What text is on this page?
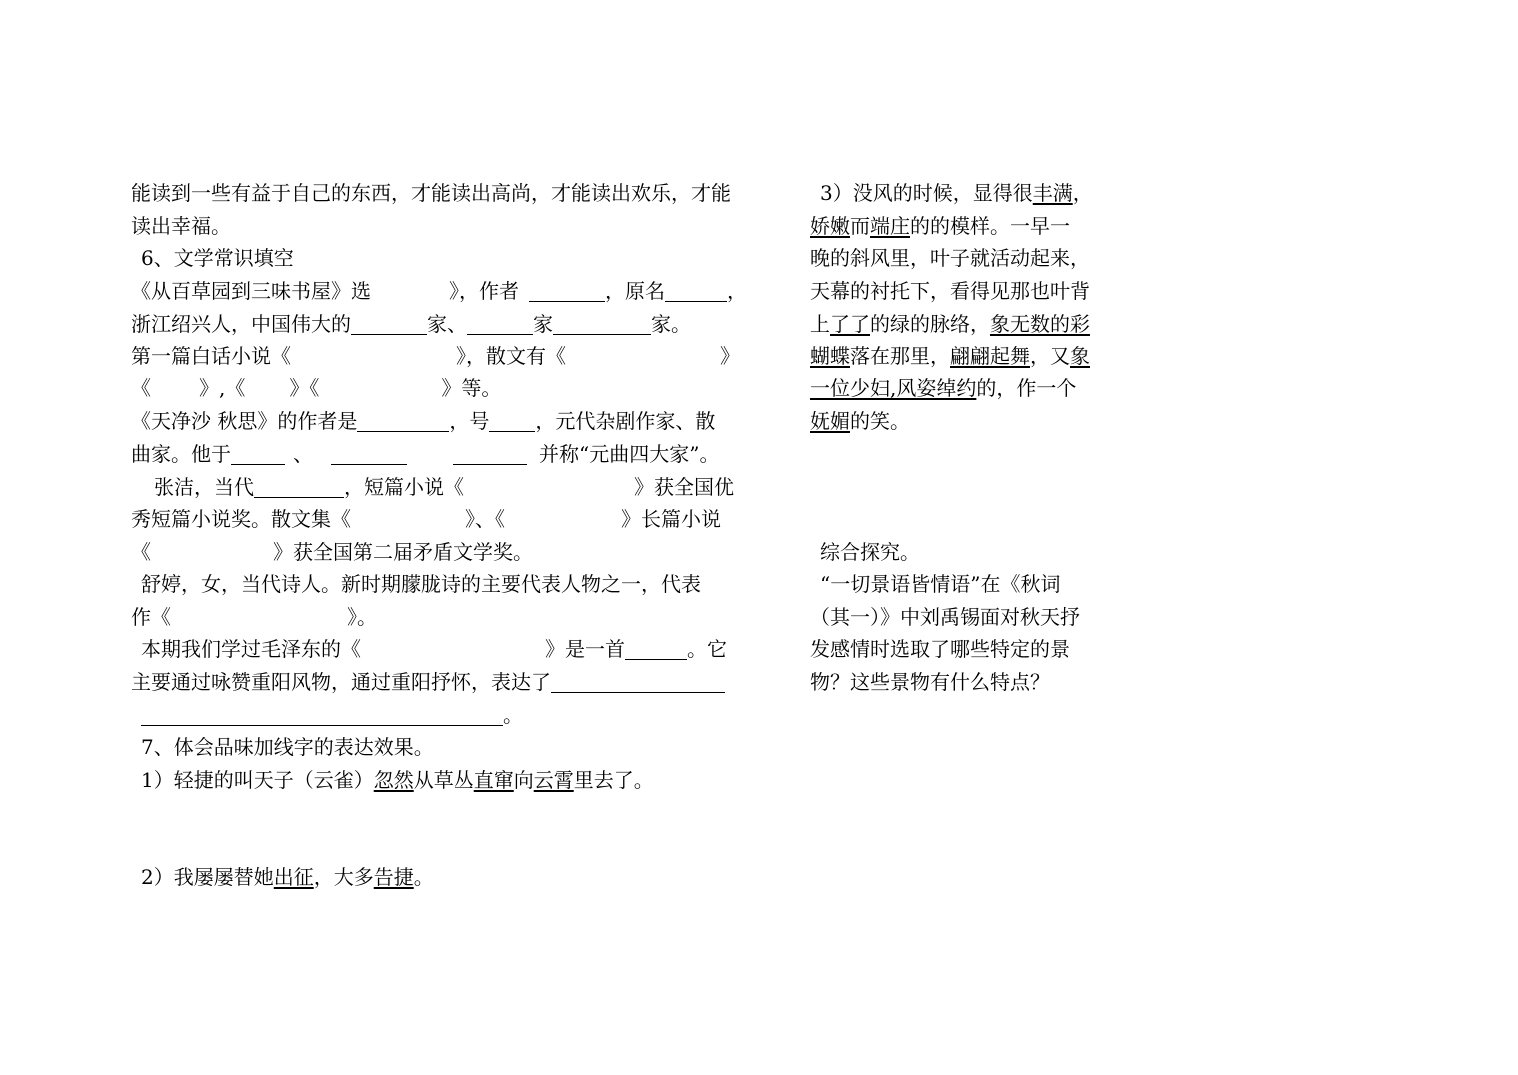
能读到一些有益于自己的东西，才能读出高尚，才能读出欢乐，才能
读出幸福。
6、文学常识填空
《从百草园到三味书屋》选	》，作者	，原名	，
浙江绍兴人，中国伟大的	家、	家	家。
第一篇白话小说《	》，散文有《	》
《 》,《 》《	》等。
《天净沙 秋思》的作者是	，号 ，元代杂剧作家、散
曲家。他于	、	并称“元曲四大家”。
张洁，当代	，短篇小说《	》获全国优
秀短篇小说奖。散文集《	》、《	》长篇小说
《	》获全国第二届矛盾文学奖。
舒婷，女，当代诗人。新时期朦胧诗的主要代表人物之一，代表
作《	》。
本期我们学过毛泽东的《	》是一首	。它
主要通过咏赞重阳风物，通过重阳抒怀，表达了
。
7、体会品味加线字的表达效果。
1）轻捷的叫天子（云雀）忽然从草丛直窜向云霄里去了。
2）我屡屡替她出征，大多告捷。
3）没风的时候，显得很丰满，
娇嫩而端庄的的模样。一早一
晚的斜风里，叶子就活动起来，
天幕的衬托下，看得见那也叶背
上了了的绿的脉络，象无数的彩
蝴蝶落在那里，翩翩起舞，又象
一位少妇,风姿绰约的，作一个
妩媚的笑。
综合探究。
“一切景语皆情语”在《秋词
（其一）》中刘禹锡面对秋天抒
发感情时选取了哪些特定的景
物？这些景物有什么特点？
